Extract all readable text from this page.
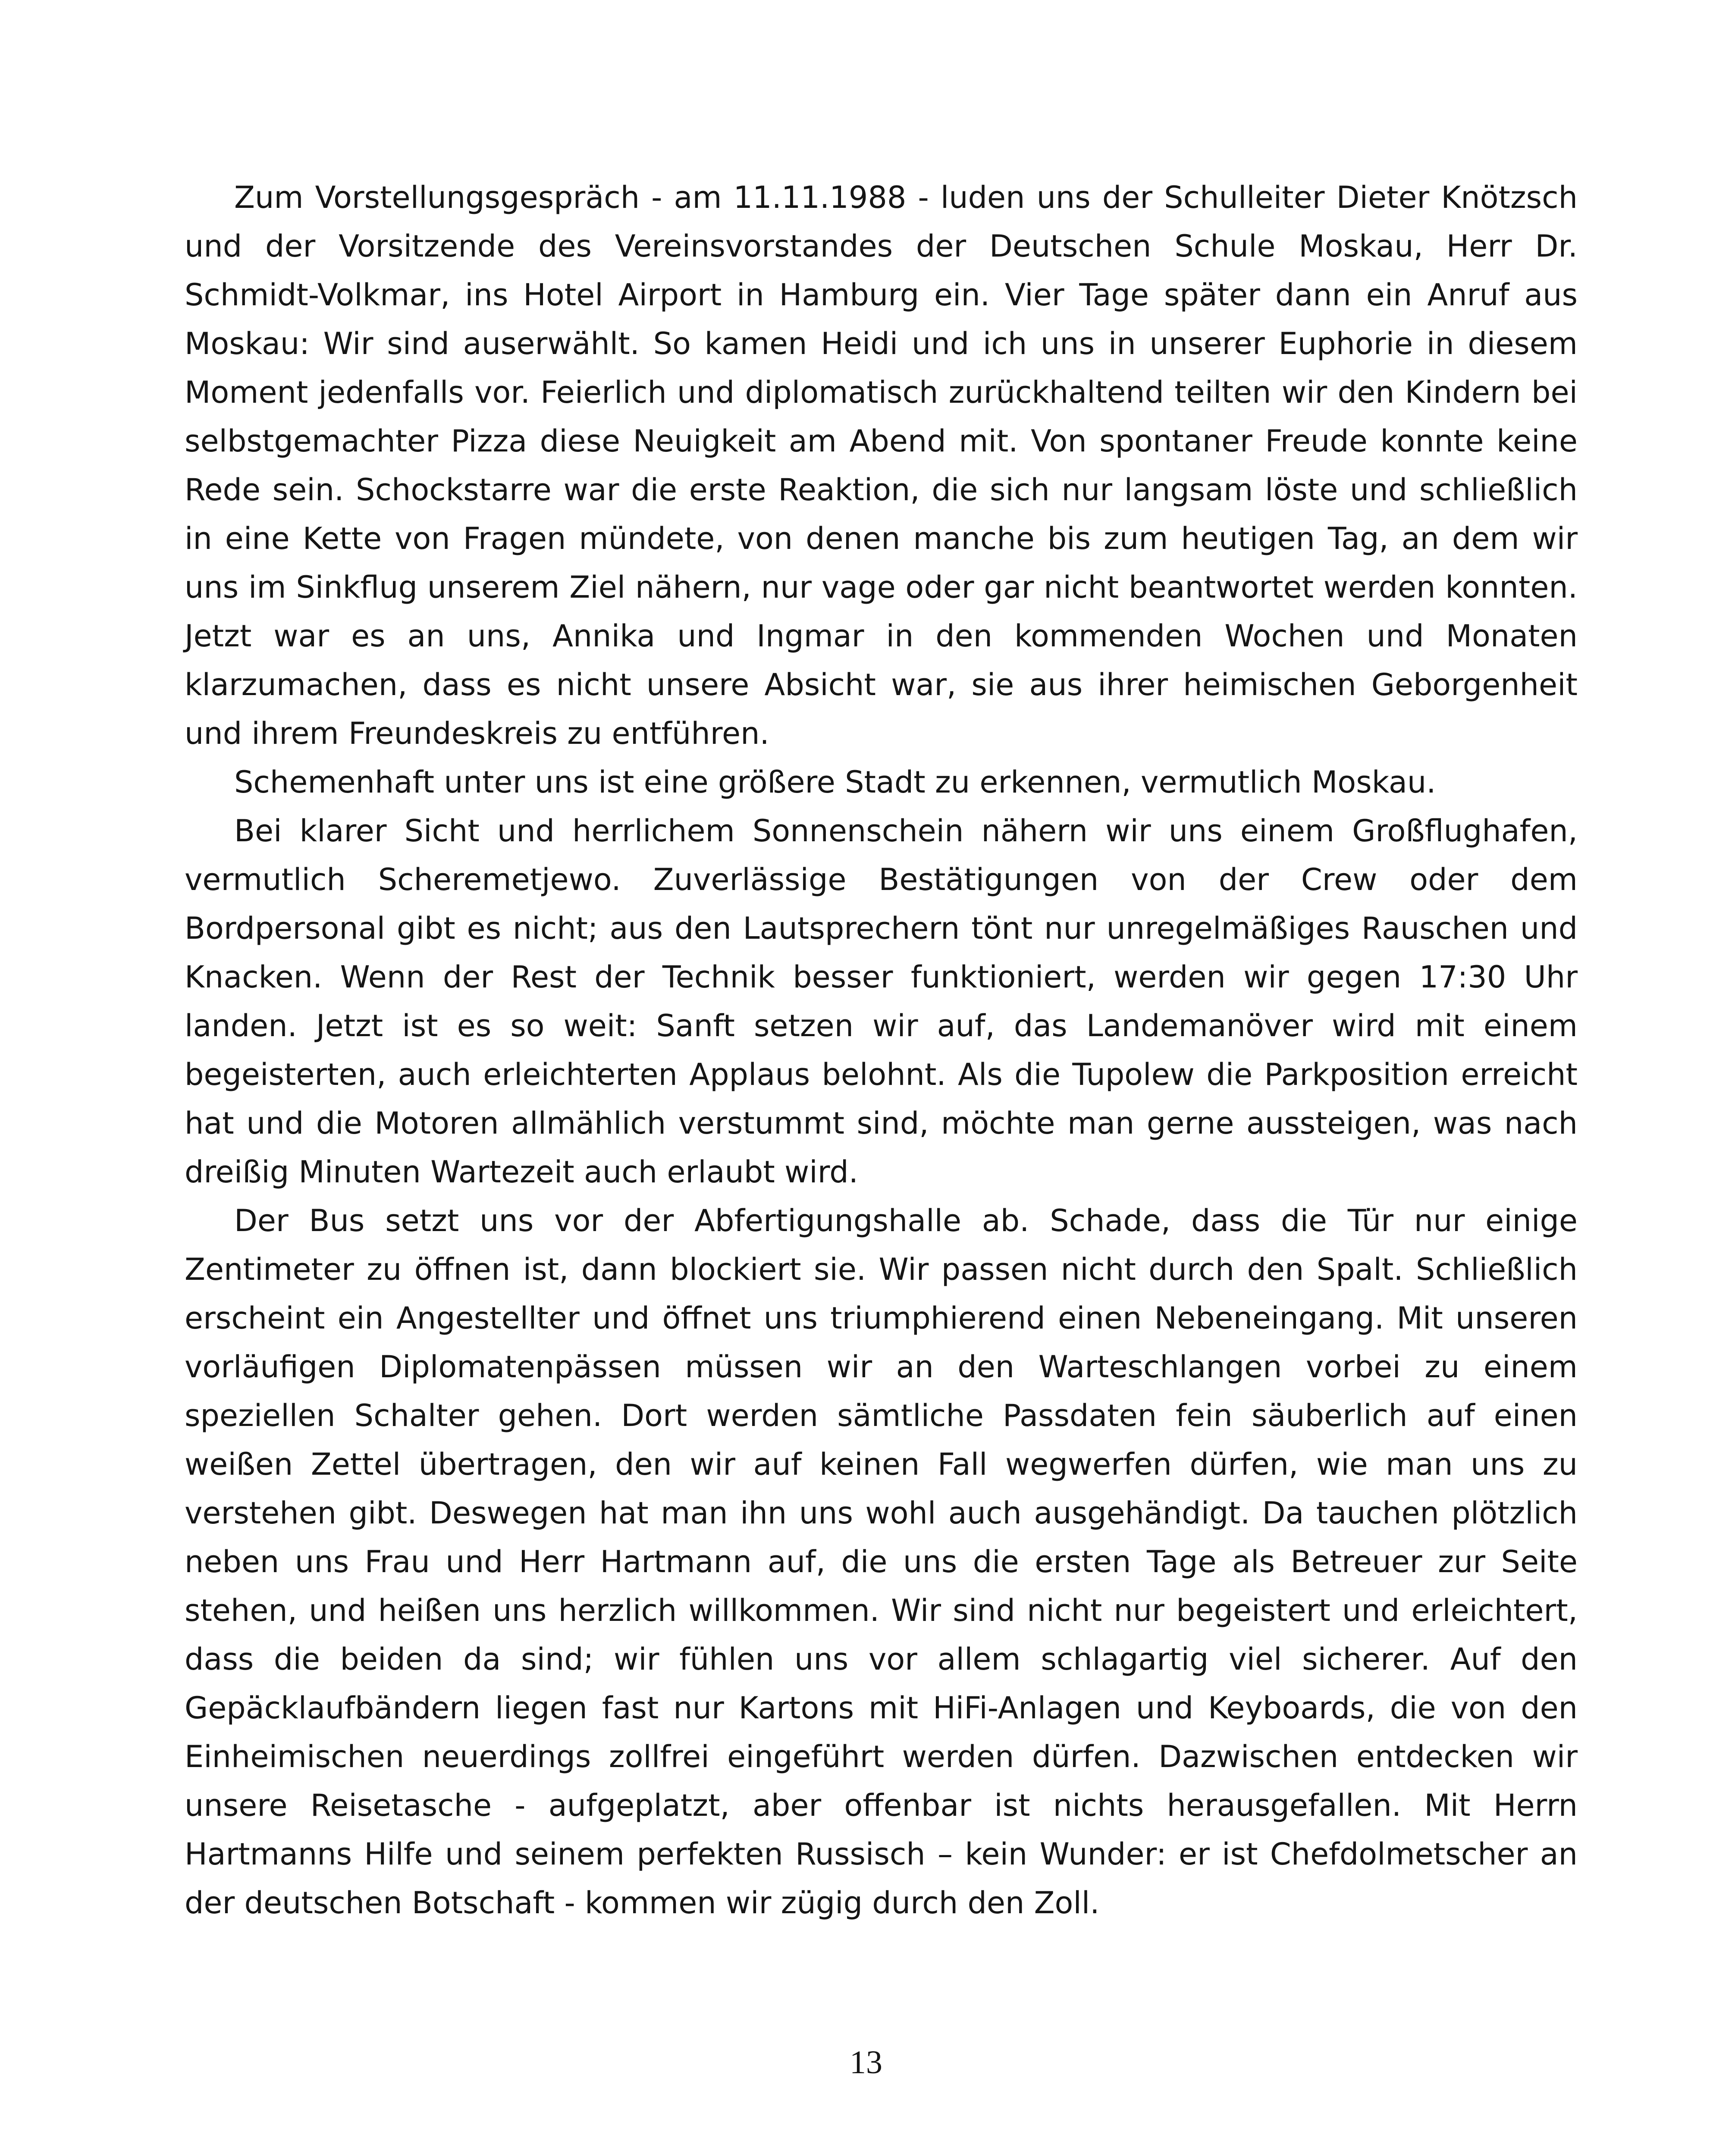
Zum Vorstellungsgespräch - am 11.11.1988 - luden uns der Schulleiter Dieter Knötzsch und der Vorsitzende des Vereinsvorstandes der Deutschen Schule Moskau, Herr Dr. Schmidt-Volkmar, ins Hotel Airport in Hamburg ein. Vier Tage später dann ein Anruf aus Moskau: Wir sind auserwählt. So kamen Heidi und ich uns in unserer Euphorie in diesem Moment jedenfalls vor. Feierlich und diplomatisch zurückhaltend teilten wir den Kindern bei selbstgemachter Pizza diese Neuigkeit am Abend mit. Von spontaner Freude konnte keine Rede sein. Schockstarre war die erste Reaktion, die sich nur langsam löste und schließlich in eine Kette von Fragen mündete, von denen manche bis zum heutigen Tag, an dem wir uns im Sinkflug unserem Ziel nähern, nur vage oder gar nicht beantwortet werden konnten. Jetzt war es an uns, Annika und Ingmar in den kommenden Wochen und Monaten klarzumachen, dass es nicht unsere Absicht war, sie aus ihrer heimischen Geborgenheit und ihrem Freundeskreis zu entführen.

Schemenhaft unter uns ist eine größere Stadt zu erkennen, vermutlich Moskau.

Bei klarer Sicht und herrlichem Sonnenschein nähern wir uns einem Großflughafen, vermutlich Scheremetjewo. Zuverlässige Bestätigungen von der Crew oder dem Bordpersonal gibt es nicht; aus den Lautsprechern tönt nur unregelmäßiges Rauschen und Knacken. Wenn der Rest der Technik besser funktioniert, werden wir gegen 17:30 Uhr landen. Jetzt ist es so weit: Sanft setzen wir auf, das Landemanöver wird mit einem begeisterten, auch erleichterten Applaus belohnt. Als die Tupolew die Parkposition erreicht hat und die Motoren allmählich verstummt sind, möchte man gerne aussteigen, was nach dreißig Minuten Wartezeit auch erlaubt wird.

Der Bus setzt uns vor der Abfertigungshalle ab. Schade, dass die Tür nur einige Zentimeter zu öffnen ist, dann blockiert sie. Wir passen nicht durch den Spalt. Schließlich erscheint ein Angestellter und öffnet uns triumphierend einen Nebeneingang. Mit unseren vorläufigen Diplomatenpässen müssen wir an den Warteschlangen vorbei zu einem speziellen Schalter gehen. Dort werden sämtliche Passdaten fein säuberlich auf einen weißen Zettel übertragen, den wir auf keinen Fall wegwerfen dürfen, wie man uns zu verstehen gibt. Deswegen hat man ihn uns wohl auch ausgehändigt. Da tauchen plötzlich neben uns Frau und Herr Hartmann auf, die uns die ersten Tage als Betreuer zur Seite stehen, und heißen uns herzlich willkommen. Wir sind nicht nur begeistert und erleichtert, dass die beiden da sind; wir fühlen uns vor allem schlagartig viel sicherer. Auf den Gepäcklaufbändern liegen fast nur Kartons mit HiFi-Anlagen und Keyboards, die von den Einheimischen neuerdings zollfrei eingeführt werden dürfen. Dazwischen entdecken wir unsere Reisetasche - aufgeplatzt, aber offenbar ist nichts herausgefallen. Mit Herrn Hartmanns Hilfe und seinem perfekten Russisch – kein Wunder: er ist Chefdolmetscher an der deutschen Botschaft - kommen wir zügig durch den Zoll.

13
